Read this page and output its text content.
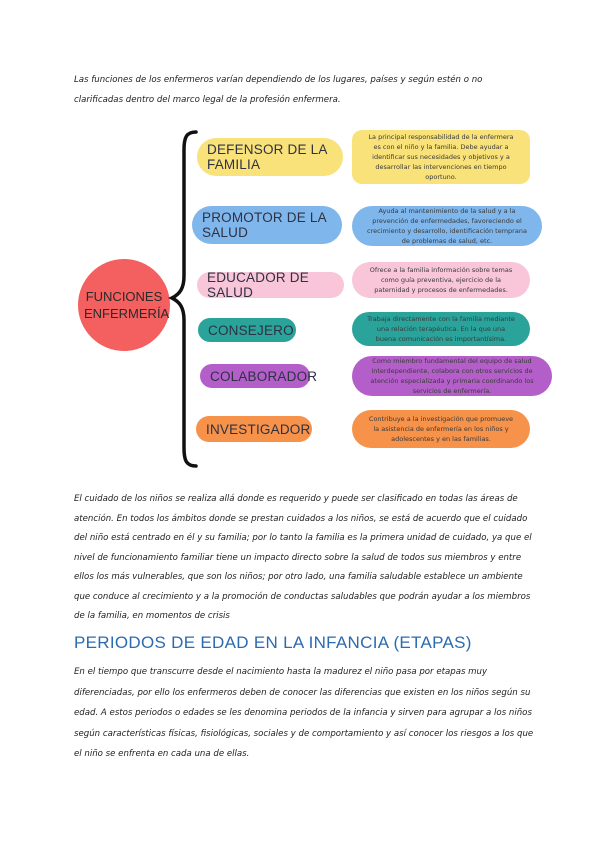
Las funciones de los enfermeros varían dependiendo de los lugares, países y según estén o no clarificadas dentro del marco legal de la profesión enfermera.

FUNCIONES ENFERMERÍA
DEFENSOR DE LA FAMILIA
La principal responsabilidad de la enfermera es con el niño y la familia. Debe ayudar a identificar sus necesidades y objetivos y a desarrollar las intervenciones en tiempo oportuno.
PROMOTOR DE LA SALUD
Ayuda al mantenimiento de la salud y a la prevención de enfermedades, favoreciendo el crecimiento y desarrollo, identificación temprana de problemas de salud, etc.
EDUCADOR DE SALUD
Ofrece a la familia información sobre temas como guía preventiva, ejercicio de la paternidad y procesos de enfermedades.
CONSEJERO
Trabaja directamente con la familia mediante una relación terapéutica. En la que una buena comunicación es importantísima.
COLABORADOR
Como miembro fundamental del equipo de salud interdependiente, colabora con otros servicios de atención especializada y primaria coordinando los servicios de enfermería.
INVESTIGADOR
Contribuye a la investigación que promueve la asistencia de enfermería en los niños y adolescentes y en las familias.

El cuidado de los niños se realiza allá donde es requerido y puede ser clasificado en todas las áreas de atención. En todos los ámbitos donde se prestan cuidados a los niños, se está de acuerdo que el cuidado del niño está centrado en él y su familia; por lo tanto la familia es la primera unidad de cuidado, ya que el nivel de funcionamiento familiar tiene un impacto directo sobre la salud de todos sus miembros y entre ellos los más vulnerables, que son los niños; por otro lado, una familia saludable establece un ambiente que conduce al crecimiento y a la promoción de conductas saludables que podrán ayudar a los miembros de la familia, en momentos de crisis

PERIODOS DE EDAD EN LA INFANCIA (ETAPAS)

En el tiempo que transcurre desde el nacimiento hasta la madurez el niño pasa por etapas muy diferenciadas, por ello los enfermeros deben de conocer las diferencias que existen en los niños según su edad. A estos periodos o edades se les denomina periodos de la infancia y sirven para agrupar a los niños según características físicas, fisiológicas, sociales y de comportamiento y así conocer los riesgos a los que el niño se enfrenta en cada una de ellas.
